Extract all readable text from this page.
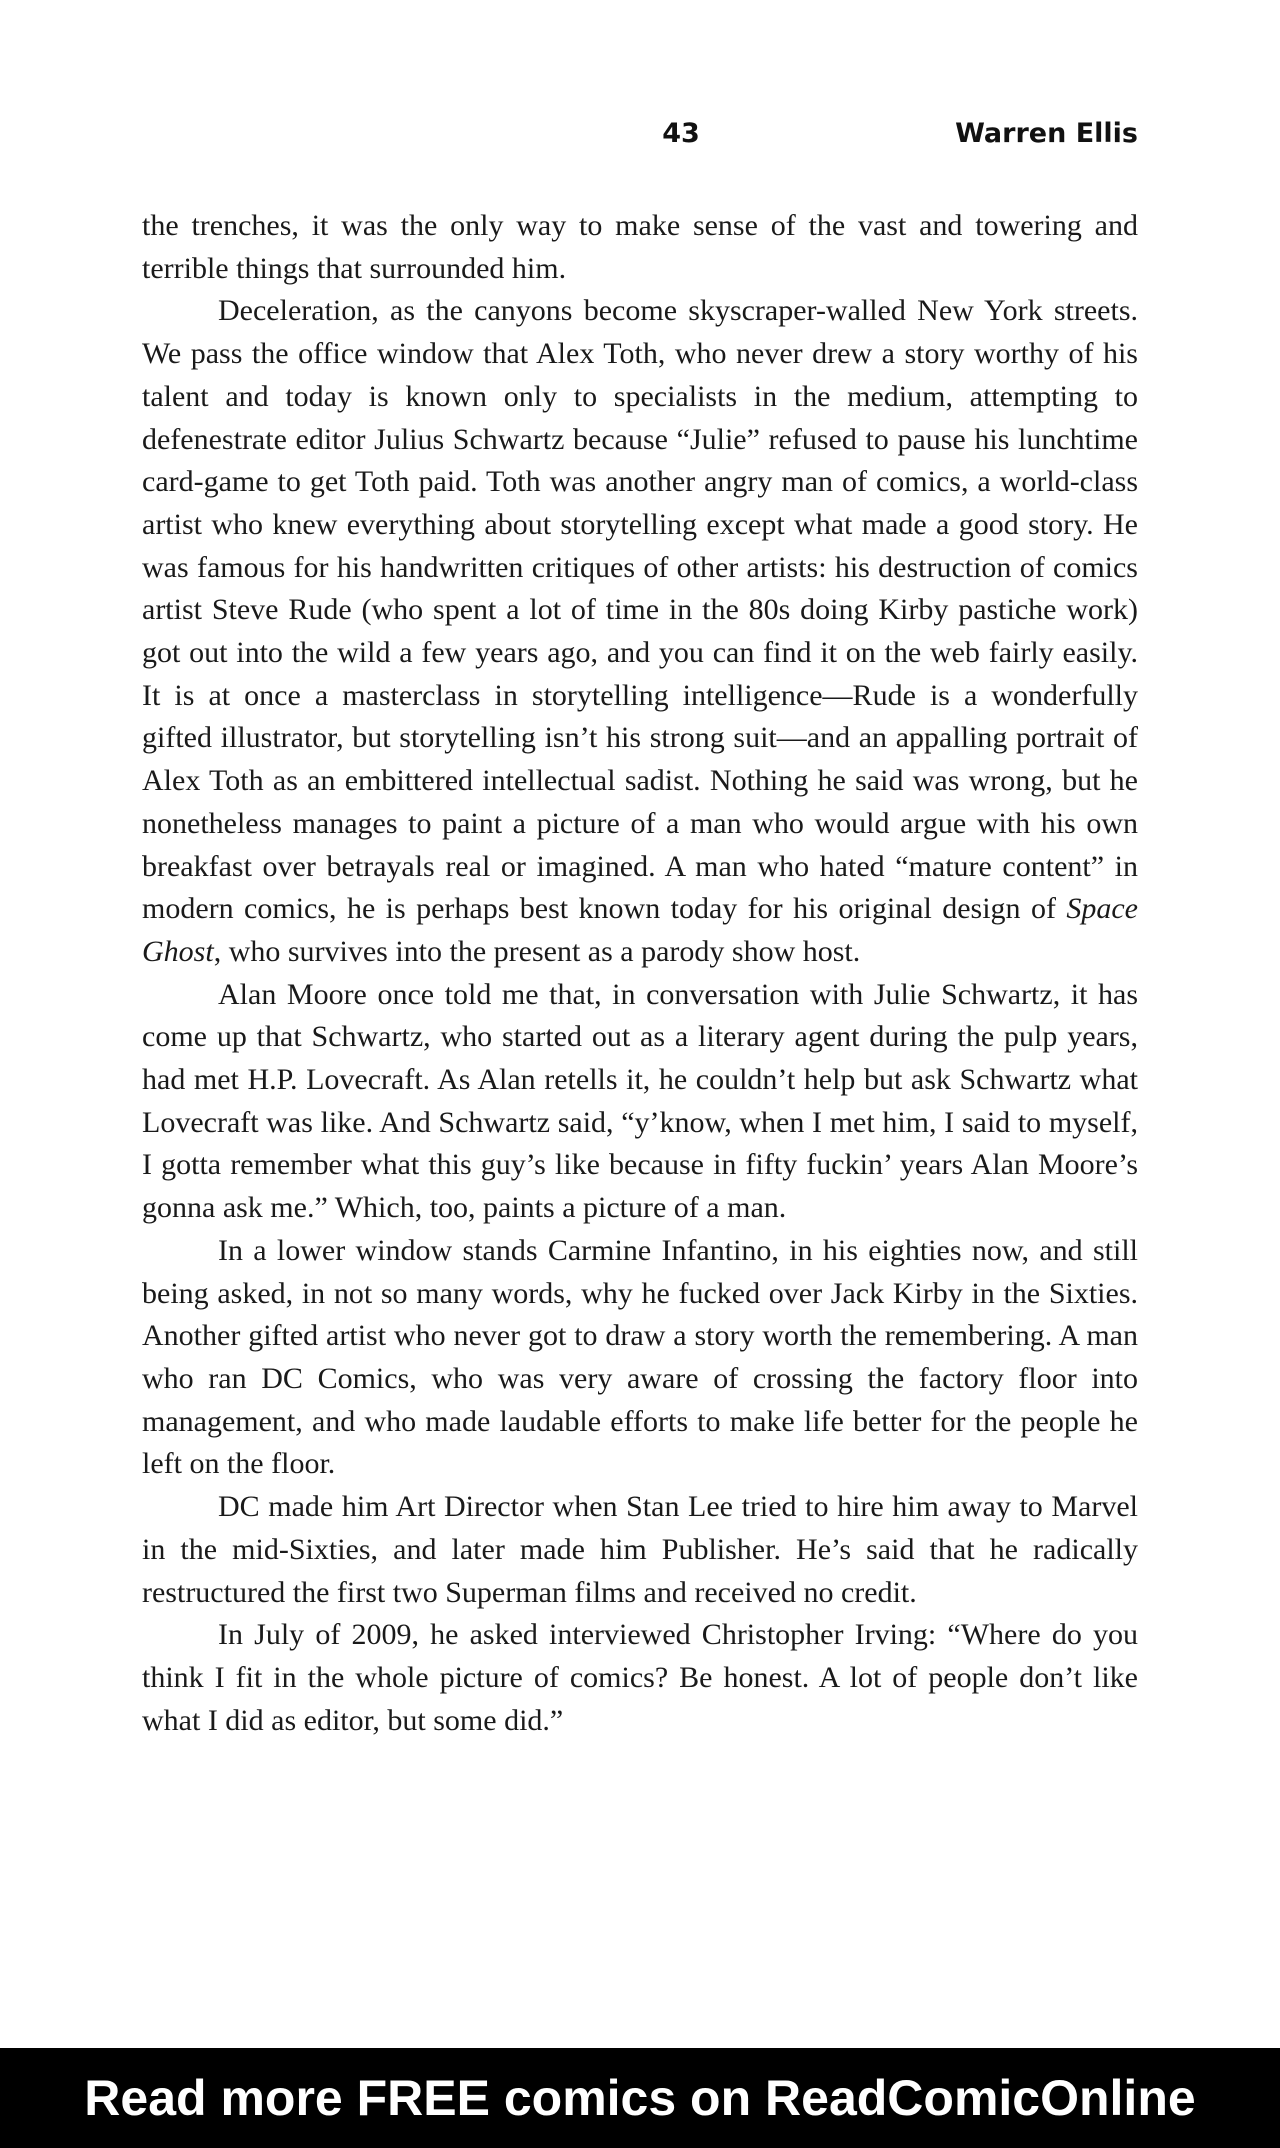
43	Warren Ellis

the trenches, it was the only way to make sense of the vast and towering and terrible things that surrounded him.

Deceleration, as the canyons become skyscraper-walled New York streets. We pass the office window that Alex Toth, who never drew a story worthy of his talent and today is known only to specialists in the medium, attempting to defenestrate editor Julius Schwartz because “Julie” refused to pause his lunchtime card-game to get Toth paid. Toth was another angry man of comics, a world-class artist who knew everything about storytelling except what made a good story. He was famous for his handwritten critiques of other artists: his destruction of comics artist Steve Rude (who spent a lot of time in the 80s doing Kirby pastiche work) got out into the wild a few years ago, and you can find it on the web fairly easily. It is at once a masterclass in storytelling intelligence—Rude is a wonderfully gifted illustrator, but storytelling isn’t his strong suit—and an appalling portrait of Alex Toth as an embittered intellectual sadist. Nothing he said was wrong, but he nonetheless manages to paint a picture of a man who would argue with his own breakfast over betrayals real or imagined. A man who hated “mature content” in modern comics, he is perhaps best known today for his original design of Space Ghost, who survives into the present as a parody show host.

Alan Moore once told me that, in conversation with Julie Schwartz, it has come up that Schwartz, who started out as a literary agent during the pulp years, had met H.P. Lovecraft. As Alan retells it, he couldn’t help but ask Schwartz what Lovecraft was like. And Schwartz said, “y’know, when I met him, I said to myself, I gotta remember what this guy’s like because in fifty fuckin’ years Alan Moore’s gonna ask me.” Which, too, paints a picture of a man.

In a lower window stands Carmine Infantino, in his eighties now, and still being asked, in not so many words, why he fucked over Jack Kirby in the Sixties. Another gifted artist who never got to draw a story worth the remembering. A man who ran DC Comics, who was very aware of crossing the factory floor into management, and who made laudable efforts to make life better for the people he left on the floor.

DC made him Art Director when Stan Lee tried to hire him away to Marvel in the mid-Sixties, and later made him Publisher. He’s said that he radically restructured the first two Superman films and received no credit.

In July of 2009, he asked interviewed Christopher Irving: “Where do you think I fit in the whole picture of comics? Be honest. A lot of people don’t like what I did as editor, but some did.”

Read more FREE comics on ReadComicOnline
